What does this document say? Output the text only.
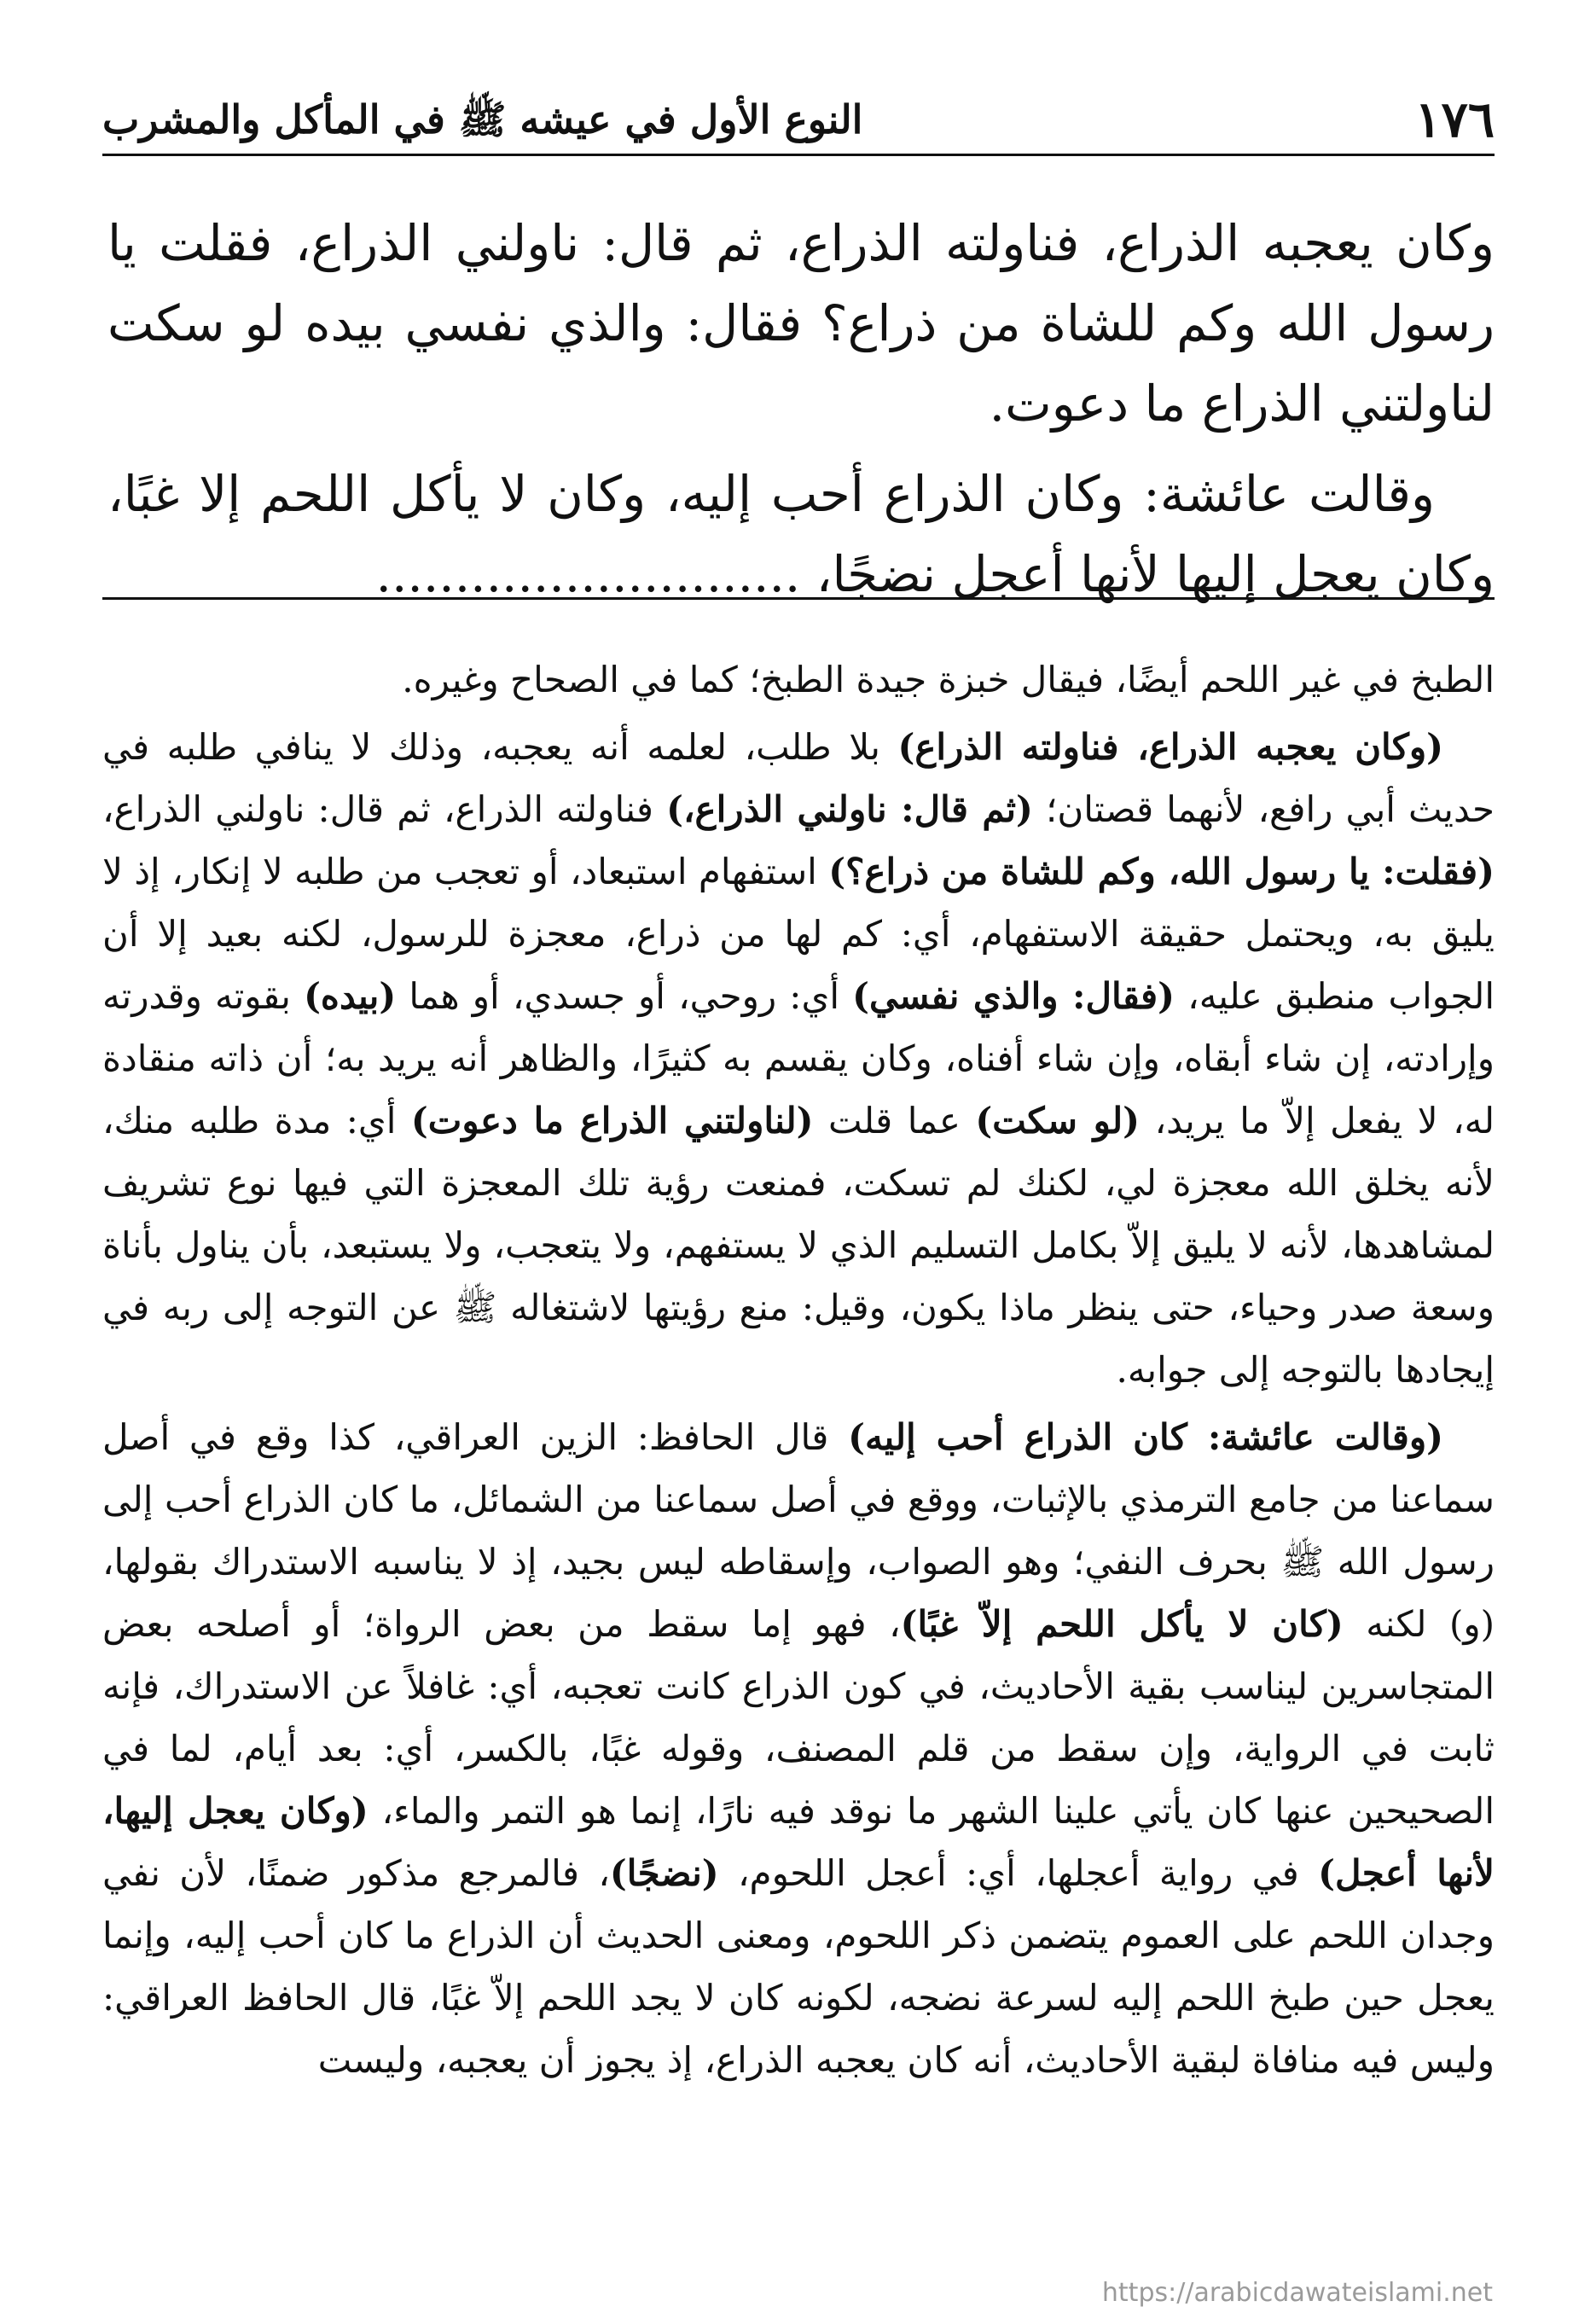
١٧٦
النوع الأول في عيشه ﷺ في المأكل والمشرب

وكان يعجبه الذراع، فناولته الذراع، ثم قال: ناولني الذراع، فقلت يا رسول الله وكم للشاة من ذراع؟ فقال: والذي نفسي بيده لو سكت لناولتني الذراع ما دعوت.

وقالت عائشة: وكان الذراع أحب إليه، وكان لا يأكل اللحم إلا غبًا، وكان يعجل إليها لأنها أعجل نضجًا، ...........................

الطبخ في غير اللحم أيضًا، فيقال خبزة جيدة الطبخ؛ كما في الصحاح وغيره.

(وكان يعجبه الذراع، فناولته الذراع) بلا طلب، لعلمه أنه يعجبه، وذلك لا ينافي طلبه في حديث أبي رافع، لأنهما قصتان؛ (ثم قال: ناولني الذراع،) فناولته الذراع، ثم قال: ناولني الذراع، (فقلت: يا رسول الله، وكم للشاة من ذراع؟) استفهام استبعاد، أو تعجب من طلبه لا إنكار، إذ لا يليق به، ويحتمل حقيقة الاستفهام، أي: كم لها من ذراع، معجزة للرسول، لكنه بعيد إلا أن الجواب منطبق عليه، (فقال: والذي نفسي) أي: روحي، أو جسدي، أو هما (بيده) بقوته وقدرته وإرادته، إن شاء أبقاه، وإن شاء أفناه، وكان يقسم به كثيرًا، والظاهر أنه يريد به؛ أن ذاته منقادة له، لا يفعل إلاّ ما يريد، (لو سكت) عما قلت (لناولتني الذراع ما دعوت) أي: مدة طلبه منك، لأنه يخلق الله معجزة لي، لكنك لم تسكت، فمنعت رؤية تلك المعجزة التي فيها نوع تشريف لمشاهدها، لأنه لا يليق إلاّ بكامل التسليم الذي لا يستفهم، ولا يتعجب، ولا يستبعد، بأن يناول بأناة وسعة صدر وحياء، حتى ينظر ماذا يكون، وقيل: منع رؤيتها لاشتغاله ﷺ عن التوجه إلى ربه في إيجادها بالتوجه إلى جوابه.

(وقالت عائشة: كان الذراع أحب إليه) قال الحافظ: الزين العراقي، كذا وقع في أصل سماعنا من جامع الترمذي بالإثبات، ووقع في أصل سماعنا من الشمائل، ما كان الذراع أحب إلى رسول الله ﷺ بحرف النفي؛ وهو الصواب، وإسقاطه ليس بجيد، إذ لا يناسبه الاستدراك بقولها، (و) لكنه (كان لا يأكل اللحم إلاّ غبًا)، فهو إما سقط من بعض الرواة؛ أو أصلحه بعض المتجاسرين ليناسب بقية الأحاديث، في كون الذراع كانت تعجبه، أي: غافلاً عن الاستدراك، فإنه ثابت في الرواية، وإن سقط من قلم المصنف، وقوله غبًا، بالكسر، أي: بعد أيام، لما في الصحيحين عنها كان يأتي علينا الشهر ما نوقد فيه نارًا، إنما هو التمر والماء، (وكان يعجل إليها، لأنها أعجل) في رواية أعجلها، أي: أعجل اللحوم، (نضجًا)، فالمرجع مذكور ضمنًا، لأن نفي وجدان اللحم على العموم يتضمن ذكر اللحوم، ومعنى الحديث أن الذراع ما كان أحب إليه، وإنما يعجل حين طبخ اللحم إليه لسرعة نضجه، لكونه كان لا يجد اللحم إلاّ غبًا، قال الحافظ العراقي: وليس فيه منافاة لبقية الأحاديث، أنه كان يعجبه الذراع، إذ يجوز أن يعجبه، وليست

https://arabicdawateislami.net
